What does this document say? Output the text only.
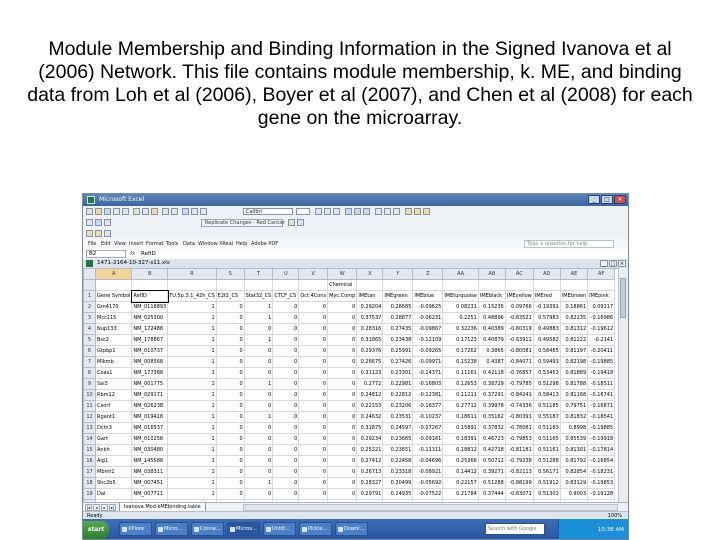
Module Membership and Binding Information in the Signed Ivanova et al (2006) Network. This file contains module membership, k. ME, and binding data from Loh et al (2006), Boyer et al (2007), and Chen et al (2008) for each gene on the microarray.
Microsoft Excel	_	□	×
Calibri
Replicate Changes - Red Cancer
File Edit View Insert Format Tools Data Window XReal Help Adobe PDF	Type a question for help
B2	fx RefID
1471-2164-10-327-s11.xls	_	□ ×
	A	B	R	S	T	U	V	W	X	Y	Z	AA	AB	AC	AD	AE	AF
								Chemical									
1	Gene Symbol	RefID	TU.5p.3.1_42h_CS	E2f2_CS	Stat32_CS	CTCF_CS	Oct.4Cons	Myc.Comp	IMEtan	IMEgreen	IMEblue	IMEturquoise	IMEblack	IMEyellow	IMEred	IMEbrown	IMEpink
2	Gm4170	NM_0118893	1	0	1	0	0	0	0.29204	0.28685	-0.09625	0.08231	0.15235	0.09766	-0.19391	0.18861	0.09117
3	Mcc115	NM_025300	1	0	1	0	0	0	0.37537	0.28877	-0.06231	0.2251	0.48896	-0.83521	0.57983	0.82135	-0.16986
4	Nup133	NM_172488	1	0	0	0	0	0	0.28316	0.27435	-0.09867	0.32236	0.40389	-0.60319	0.49883	0.81312	-0.19612
5	Bsc2	NM_178867	1	0	1	0	0	0	0.31865	0.23438	-0.12109	0.17123	0.40879	-0.63911	0.49582	0.81222	-0.2141
6	Gtpbp1	NM_010737	1	0	0	0	0	0	0.29376	0.25991	-0.09265	0.17262	0.3865	-0.80081	0.58485	0.81197	-0.20411
7	Mlkmb	NM_008568	1	0	0	0	0	0	0.26675	0.27426	-0.09971	0.15238	0.4387	-0.84071	0.59493	0.82198	-0.19885
8	Coas1	NM_177388	1	0	0	0	0	0	0.31123	0.23301	-0.14371	0.11161	0.42118	-0.76857	0.53453	0.81889	-0.19418
9	Sal3	NM_001775	1	0	1	0	0	0	0.2772	0.22981	-0.16803	0.12653	0.38729	-0.79785	0.51298	0.81788	-0.18511
10	Rbm12	NM_029171	1	0	0	0	0	0	0.24812	0.22812	-0.12381	0.11211	0.37291	-0.84241	0.58413	0.81168	-0.16741
11	Cxorf	NM_026238	1	0	0	0	0	0	0.22153	0.23206	-0.16377	0.27712	0.39978	-0.74336	0.51185	0.79751	-0.16871
12	Rgant1	NM_019418	1	0	1	0	0	0	0.24632	0.23531	-0.10237	0.18611	0.35162	-0.80391	0.55187	0.81832	-0.18541
13	Dctn3	NM_016537	1	0	0	0	0	0	0.31875	0.24597	-0.07267	0.15891	0.37832	-0.78081	0.51183	0.8998	-0.19885
14	Gart	NM_010256	1	0	0	0	0	0	0.29234	0.23665	-0.09161	0.18391	0.46723	-0.79853	0.51165	0.85539	-0.19918
15	Ankh	NM_030480	1	0	0	0	0	0	0.25221	0.23651	-0.11311	0.18812	0.42718	-0.81181	0.51161	0.81301	-0.17814
16	Alg1	NM_145588	1	0	0	0	0	0	0.27412	0.22458	-0.04696	0.25366	0.50712	-0.79238	0.51288	0.81792	-0.16854
17	Mbmt1	NM_038311	1	0	0	0	0	0	0.26713	0.23318	-0.08921	0.14412	0.39271	-0.82113	0.56171	0.82854	-0.18231
18	Shc2b5	NM_007451	1	0	1	0	0	0	0.28327	0.30499	-0.05692	0.22157	0.51288	-0.88199	0.51912	0.83129	-0.19853
19	Dal	NM_007711	1	0	0	0	0	0	0.29791	0.24935	-0.07522	0.21784	0.37444	-0.83071	0.51302	0.9003	-0.19128

|◂	◂	▸	▸|	Ivanova.Mod.kMEbinding.table
Ready	100%
start	XPlore	Micro...	Conne...	Micros...	Untitl...	Pickle...	Downl...	Search with Google	10:38 AM
